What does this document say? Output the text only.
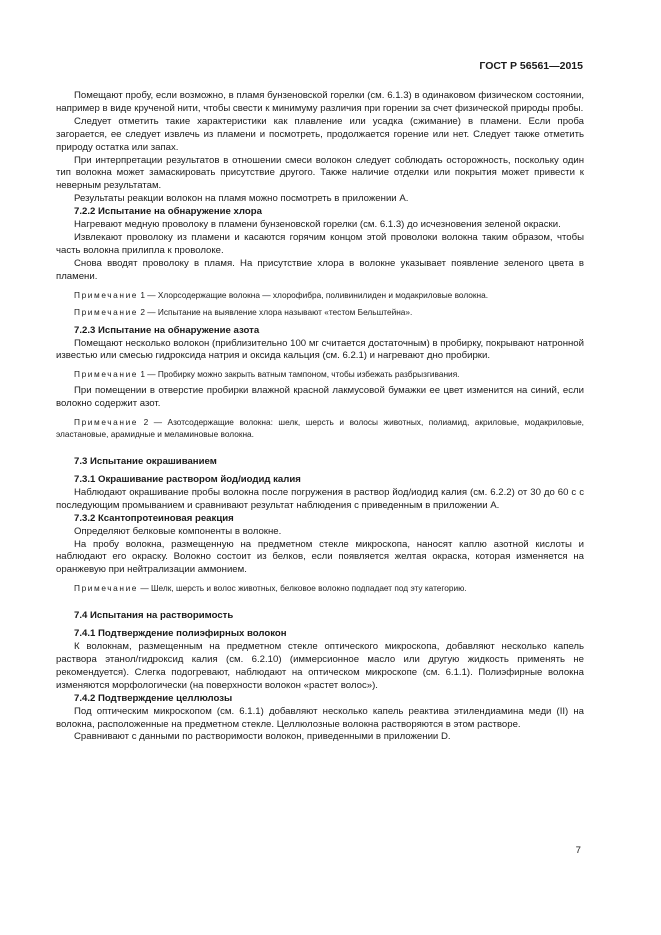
ГОСТ Р 56561—2015

Помещают пробу, если возможно, в пламя бунзеновской горелки (см. 6.1.3) в одинаковом физическом состоянии, например в виде крученой нити, чтобы свести к минимуму различия при горении за счет физической природы пробы.

Следует отметить такие характеристики как плавление или усадка (сжимание) в пламени. Если проба загорается, ее следует извлечь из пламени и посмотреть, продолжается горение или нет. Следует также отметить природу остатка или запах.

При интерпретации результатов в отношении смеси волокон следует соблюдать осторожность, поскольку один тип волокна может замаскировать присутствие другого. Также наличие отделки или покрытия может привести к неверным результатам.

Результаты реакции волокон на пламя можно посмотреть в приложении А.

7.2.2 Испытание на обнаружение хлора

Нагревают медную проволоку в пламени бунзеновской горелки (см. 6.1.3) до исчезновения зеленой окраски.

Извлекают проволоку из пламени и касаются горячим концом этой проволоки волокна таким образом, чтобы часть волокна прилипла к проволоке.

Снова вводят проволоку в пламя. На присутствие хлора в волокне указывает появление зеленого цвета в пламени.

Примечание 1 — Хлорсодержащие волокна — хлорофибра, поливинилиден и модакриловые волокна.
Примечание 2 — Испытание на выявление хлора называют «тестом Бельштейна».
7.2.3 Испытание на обнаружение азота

Помещают несколько волокон (приблизительно 100 мг считается достаточным) в пробирку, покрывают натронной известью или смесью гидроксида натрия и оксида кальция (см. 6.2.1) и нагревают дно пробирки.

Примечание 1 — Пробирку можно закрыть ватным тампоном, чтобы избежать разбрызгивания.

При помещении в отверстие пробирки влажной красной лакмусовой бумажки ее цвет изменится на синий, если волокно содержит азот.

Примечание 2 — Азотсодержащие волокна: шелк, шерсть и волосы животных, полиамид, акриловые, модакриловые, эластановые, арамидные и меламиновые волокна.
7.3 Испытание окрашиванием
7.3.1 Окрашивание раствором йод/иодид калия

Наблюдают окрашивание пробы волокна после погружения в раствор йод/иодид калия (см. 6.2.2) от 30 до 60 с с последующим промыванием и сравнивают результат наблюдения с приведенным в приложении А.

7.3.2 Ксантопротеиновая реакция

Определяют белковые компоненты в волокне.

На пробу волокна, размещенную на предметном стекле микроскопа, наносят каплю азотной кислоты и наблюдают его окраску. Волокно состоит из белков, если появляется желтая окраска, которая изменяется на оранжевую при нейтрализации аммонием.

Примечание — Шелк, шерсть и волос животных, белковое волокно подпадает под эту категорию.
7.4 Испытания на растворимость
7.4.1 Подтверждение полиэфирных волокон

К волокнам, размещенным на предметном стекле оптического микроскопа, добавляют несколько капель раствора этанол/гидроксид калия (см. 6.2.10) (иммерсионное масло или другую жидкость применять не рекомендуется). Слегка подогревают, наблюдают на оптическом микроскопе (см. 6.1.1). Полиэфирные волокна изменяются морфологически (на поверхности волокон «растет волос»).

7.4.2 Подтверждение целлюлозы

Под оптическим микроскопом (см. 6.1.1) добавляют несколько капель реактива этилендиамина меди (II) на волокна, расположенные на предметном стекле. Целлюлозные волокна растворяются в этом растворе.

Сравнивают с данными по растворимости волокон, приведенными в приложении D.

7
